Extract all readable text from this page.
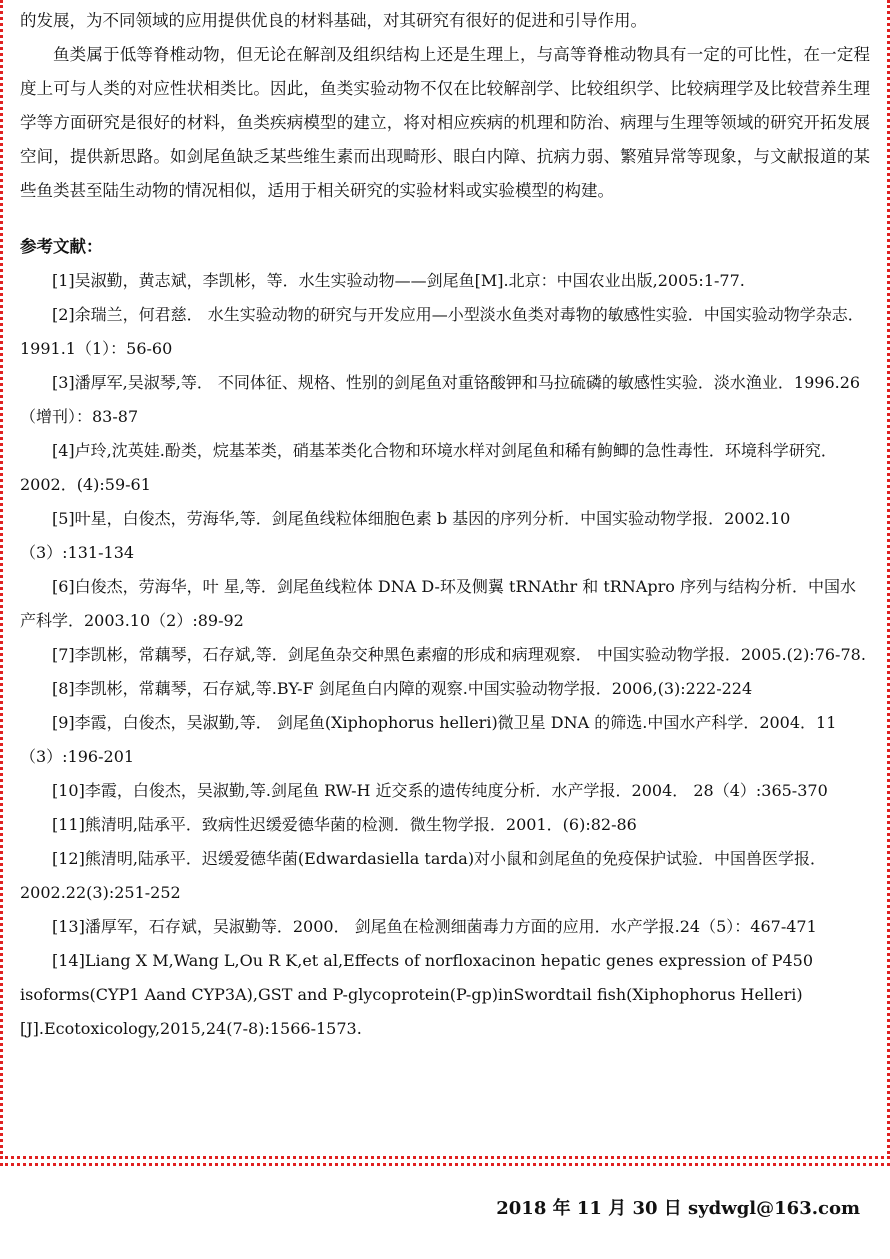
的发展，为不同领域的应用提供优良的材料基础，对其研究有很好的促进和引导作用。

鱼类属于低等脊椎动物，但无论在解剖及组织结构上还是生理上，与高等脊椎动物具有一定的可比性，在一定程度上可与人类的对应性状相类比。因此，鱼类实验动物不仅在比较解剖学、比较组织学、比较病理学及比较营养生理学等方面研究是很好的材料，鱼类疾病模型的建立，将对相应疾病的机理和防治、病理与生理等领域的研究开拓发展空间，提供新思路。如剑尾鱼缺乏某些维生素而出现畸形、眼白内障、抗病力弱、繁殖异常等现象，与文献报道的某些鱼类甚至陆生动物的情况相似，适用于相关研究的实验材料或实验模型的构建。

参考文献：

[1]吴淑勤，黄志斌，李凯彬，等．水生实验动物——剑尾鱼[M].北京：中国农业出版,2005:1-77.

[2]余瑞兰，何君慈． 水生实验动物的研究与开发应用—小型淡水鱼类对毒物的敏感性实验．中国实验动物学杂志．1991.1（1）：56-60

[3]潘厚军,吴淑琴,等． 不同体征、规格、性别的剑尾鱼对重铬酸钾和马拉硫磷的敏感性实验．淡水渔业．1996.26（增刊）：83-87

[4]卢玲,沈英娃.酚类，烷基苯类，硝基苯类化合物和环境水样对剑尾鱼和稀有鮈鲫的急性毒性．环境科学研究．2002．(4):59-61

[5]叶星，白俊杰，劳海华,等．剑尾鱼线粒体细胞色素 b 基因的序列分析．中国实验动物学报．2002.10（3）:131-134

[6]白俊杰，劳海华，叶 星,等．剑尾鱼线粒体 DNA D-环及侧翼 tRNAthr 和 tRNApro 序列与结构分析．中国水产科学．2003.10（2）:89-92

[7]李凯彬，常藕琴，石存斌,等．剑尾鱼杂交种黑色素瘤的形成和病理观察． 中国实验动物学报．2005.(2):76-78.

[8]李凯彬，常藕琴，石存斌,等.BY-F 剑尾鱼白内障的观察.中国实验动物学报．2006,(3):222-224

[9]李霞，白俊杰，吴淑勤,等． 剑尾鱼(Xiphophorus helleri)微卫星 DNA 的筛选.中国水产科学．2004．11（3）:196-201

[10]李霞，白俊杰，吴淑勤,等.剑尾鱼 RW-H 近交系的遗传纯度分析．水产学报．2004． 28（4）:365-370

[11]熊清明,陆承平．致病性迟缓爱德华菌的检测．微生物学报．2001．(6):82-86

[12]熊清明,陆承平．迟缓爱德华菌(Edwardasiella tarda)对小鼠和剑尾鱼的免疫保护试验．中国兽医学报．2002.22(3):251-252

[13]潘厚军，石存斌，吴淑勤等．2000． 剑尾鱼在检测细菌毒力方面的应用．水产学报.24（5）：467-471

[14]Liang X M,Wang L,Ou R K,et al,Effects of norfloxacinon hepatic genes expression of P450 isoforms(CYP1 Aand CYP3A),GST and P-glycoprotein(P-gp)inSwordtail fish(Xiphophorus Helleri)[J].Ecotoxicology,2015,24(7-8):1566-1573.

2018 年 11 月 30 日 sydwgl@163.com
